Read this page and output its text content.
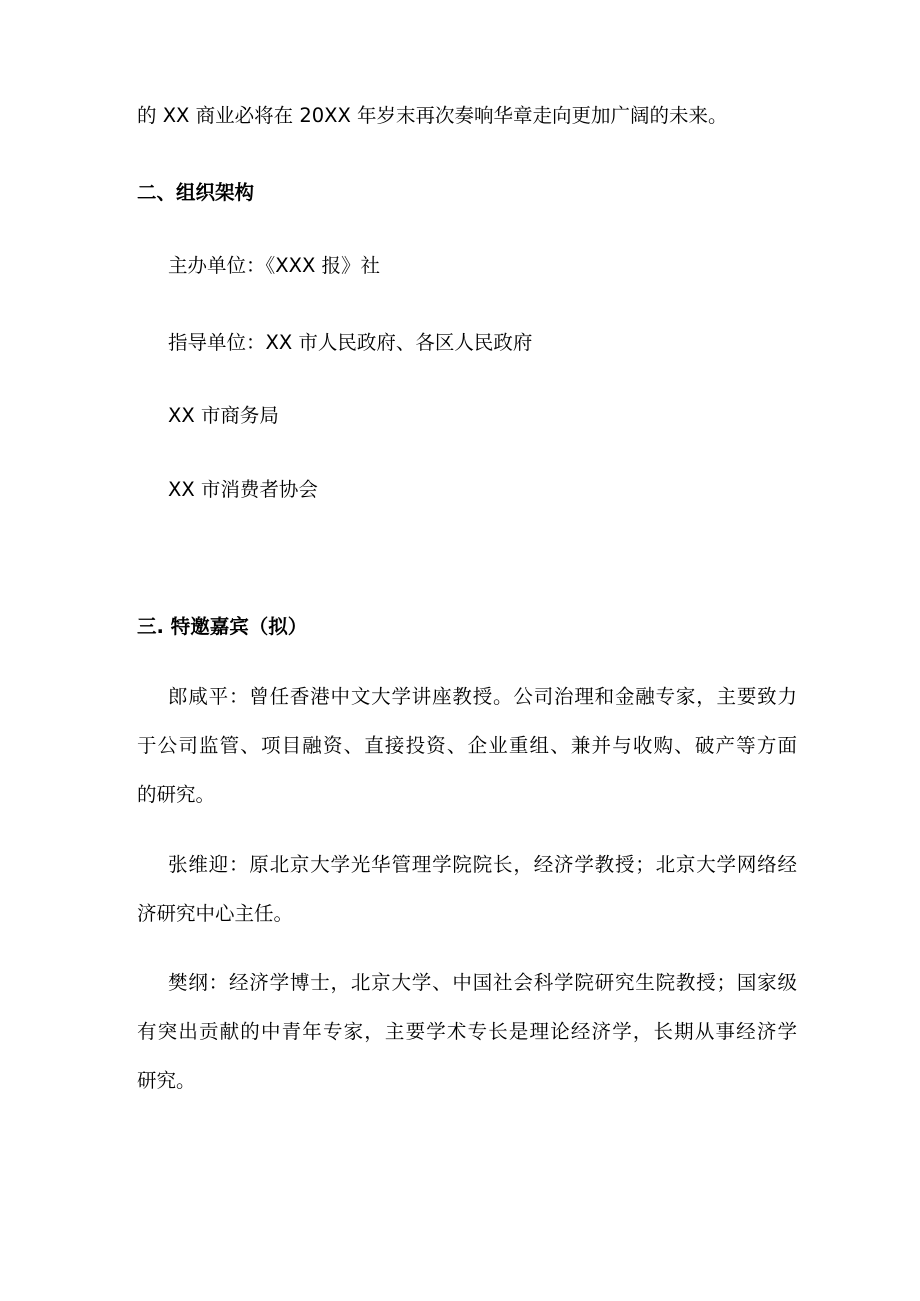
的 XX 商业必将在 20XX 年岁末再次奏响华章走向更加广阔的未来。
二、组织架构
主办单位：《XXX 报》社
指导单位：XX 市人民政府、各区人民政府
XX 市商务局
XX 市消费者协会
三. 特邀嘉宾（拟）
郎咸平：曾任香港中文大学讲座教授。公司治理和金融专家，主要致力
于公司监管、项目融资、直接投资、企业重组、兼并与收购、破产等方面
的研究。
张维迎：原北京大学光华管理学院院长，经济学教授；北京大学网络经
济研究中心主任。
樊纲：经济学博士，北京大学、中国社会科学院研究生院教授；国家级
有突出贡献的中青年专家，主要学术专长是理论经济学，长期从事经济学
研究。
